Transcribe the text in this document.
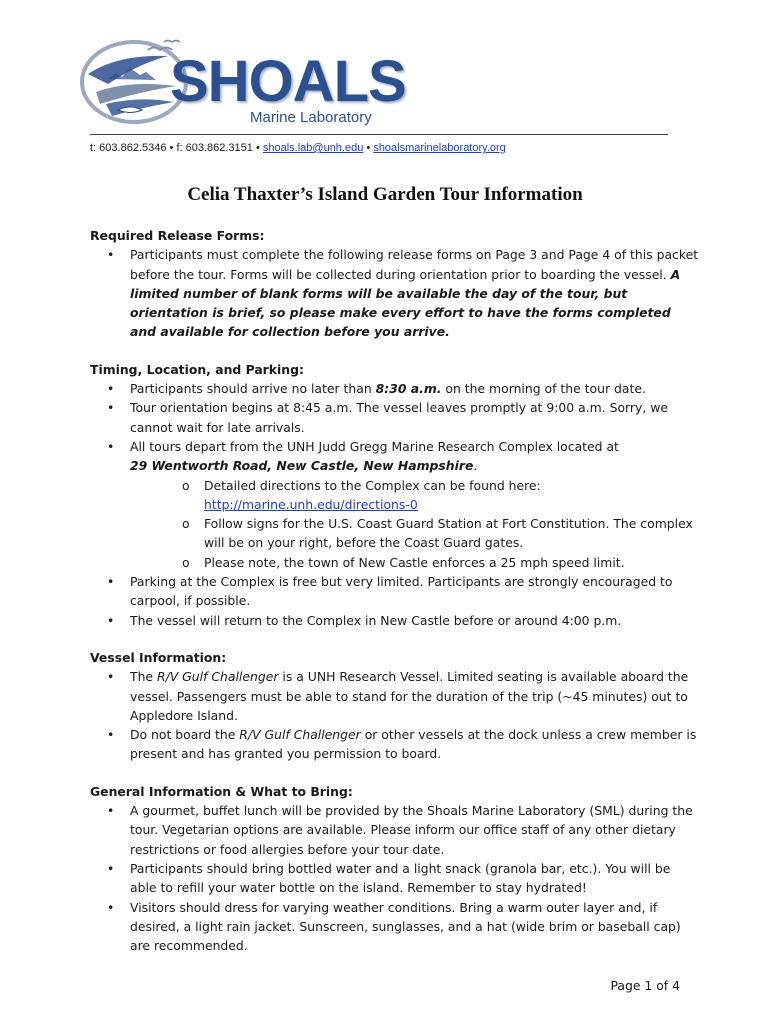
SHOALS

Marine Laboratory

t: 603.862.5346 • f: 603.862.3151 • shoals.lab@unh.edu • shoalsmarinelaboratory.org

Celia Thaxter’s Island Garden Tour Information

Required Release Forms:

• Participants must complete the following release forms on Page 3 and Page 4 of this packet before the tour. Forms will be collected during orientation prior to boarding the vessel. A limited number of blank forms will be available the day of the tour, but orientation is brief, so please make every effort to have the forms completed and available for collection before you arrive.

Timing, Location, and Parking:

• Participants should arrive no later than 8:30 a.m. on the morning of the tour date.
• Tour orientation begins at 8:45 a.m. The vessel leaves promptly at 9:00 a.m. Sorry, we cannot wait for late arrivals.
• All tours depart from the UNH Judd Gregg Marine Research Complex located at
29 Wentworth Road, New Castle, New Hampshire.
o Detailed directions to the Complex can be found here:
http://marine.unh.edu/directions-0
o Follow signs for the U.S. Coast Guard Station at Fort Constitution. The complex will be on your right, before the Coast Guard gates.
o Please note, the town of New Castle enforces a 25 mph speed limit.
• Parking at the Complex is free but very limited. Participants are strongly encouraged to carpool, if possible.
• The vessel will return to the Complex in New Castle before or around 4:00 p.m.

Vessel Information:

• The R/V Gulf Challenger is a UNH Research Vessel. Limited seating is available aboard the vessel. Passengers must be able to stand for the duration of the trip (~45 minutes) out to Appledore Island.
• Do not board the R/V Gulf Challenger or other vessels at the dock unless a crew member is present and has granted you permission to board.

General Information & What to Bring:

• A gourmet, buffet lunch will be provided by the Shoals Marine Laboratory (SML) during the tour. Vegetarian options are available. Please inform our office staff of any other dietary restrictions or food allergies before your tour date.
• Participants should bring bottled water and a light snack (granola bar, etc.). You will be able to refill your water bottle on the island. Remember to stay hydrated!
• Visitors should dress for varying weather conditions. Bring a warm outer layer and, if desired, a light rain jacket. Sunscreen, sunglasses, and a hat (wide brim or baseball cap) are recommended.

Page 1 of 4
